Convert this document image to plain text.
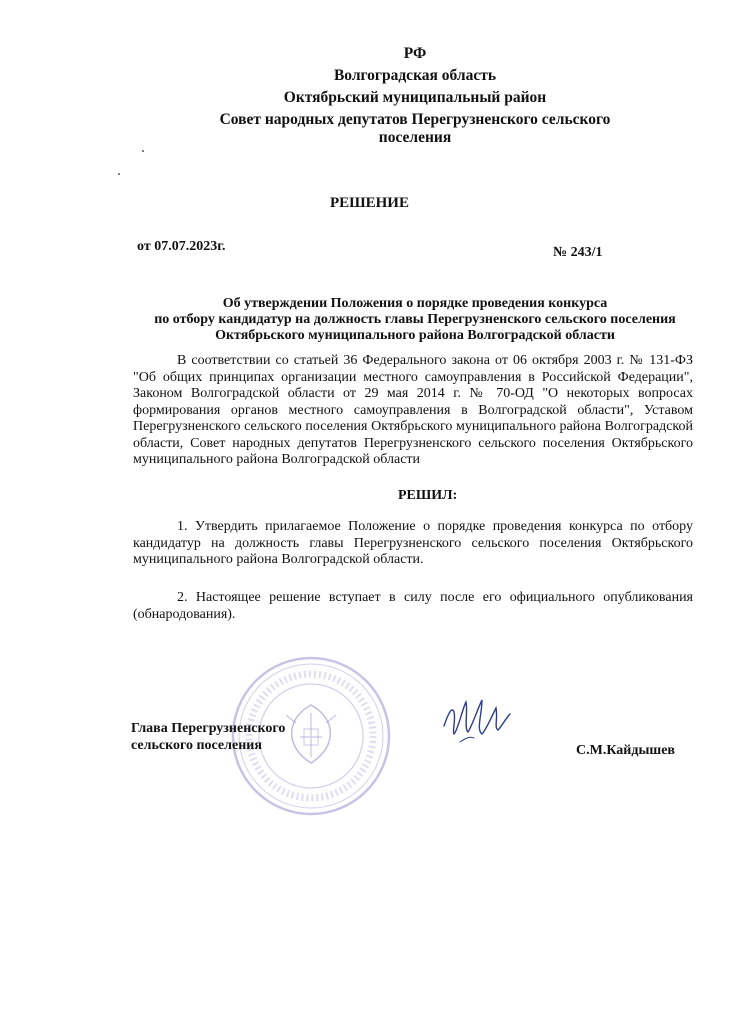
РФ
Волгоградская область
Октябрьский муниципальный район
Совет народных депутатов Перегрузненского сельского
поселения
РЕШЕНИЕ
от 07.07.2023г.	№ 243/1
Об утверждении Положения о порядке проведения конкурса
по отбору кандидатур на должность главы Перегрузненского сельского поселения
Октябрьского муниципального района Волгоградской области
В соответствии со статьей 36 Федерального закона от 06 октября 2003 г. № 131-ФЗ "Об общих принципах организации местного самоуправления в Российской Федерации", Законом Волгоградской области от 29 мая 2014 г. № 70-ОД "О некоторых вопросах формирования органов местного самоуправления в Волгоградской области", Уставом Перегрузненского сельского поселения Октябрьского муниципального района Волгоградской области, Совет народных депутатов Перегрузненского сельского поселения Октябрьского муниципального района Волгоградской области
РЕШИЛ:
1. Утвердить прилагаемое Положение о порядке проведения конкурса по отбору кандидатур на должность главы Перегрузненского сельского поселения Октябрьского муниципального района Волгоградской области.
2. Настоящее решение вступает в силу после его официального опубликования (обнародования).
Глава Перегрузненского
сельского поселения	С.М.Кайдышев
